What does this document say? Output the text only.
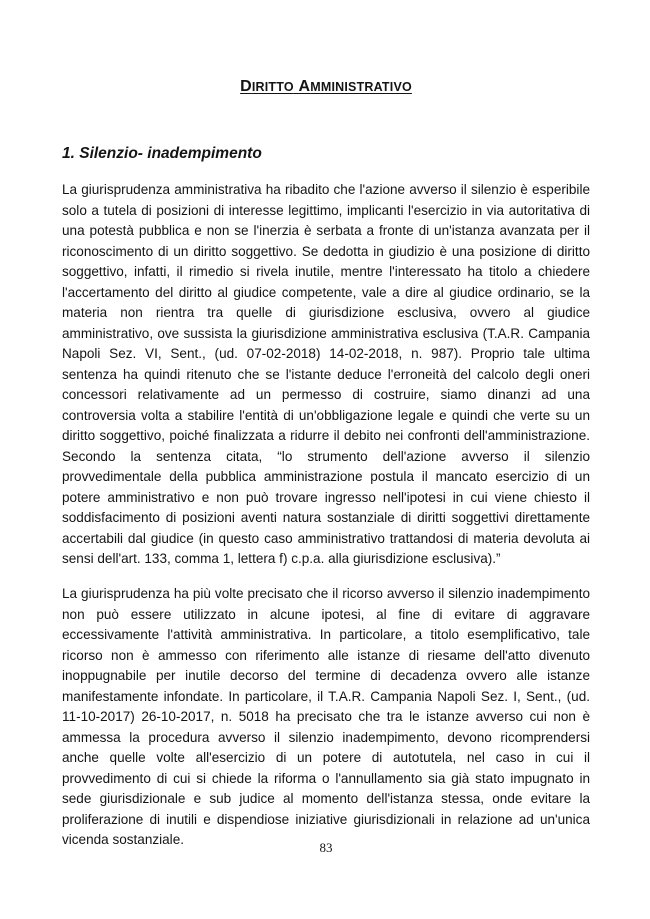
DIRITTO AMMINISTRATIVO
1. Silenzio- inadempimento

La giurisprudenza amministrativa ha ribadito che l'azione avverso il silenzio è esperibile solo a tutela di posizioni di interesse legittimo, implicanti l'esercizio in via autoritativa di una potestà pubblica e non se l'inerzia è serbata a fronte di un'istanza avanzata per il riconoscimento di un diritto soggettivo. Se dedotta in giudizio è una posizione di diritto soggettivo, infatti, il rimedio si rivela inutile, mentre l'interessato ha titolo a chiedere l'accertamento del diritto al giudice competente, vale a dire al giudice ordinario, se la materia non rientra tra quelle di giurisdizione esclusiva, ovvero al giudice amministrativo, ove sussista la giurisdizione amministrativa esclusiva (T.A.R. Campania Napoli Sez. VI, Sent., (ud. 07-02-2018) 14-02-2018, n. 987). Proprio tale ultima sentenza ha quindi ritenuto che se l'istante deduce l'erroneità del calcolo degli oneri concessori relativamente ad un permesso di costruire, siamo dinanzi ad una controversia volta a stabilire l'entità di un'obbligazione legale e quindi che verte su un diritto soggettivo, poiché finalizzata a ridurre il debito nei confronti dell'amministrazione. Secondo la sentenza citata, “lo strumento dell'azione avverso il silenzio provvedimentale della pubblica amministrazione postula il mancato esercizio di un potere amministrativo e non può trovare ingresso nell'ipotesi in cui viene chiesto il soddisfacimento di posizioni aventi natura sostanziale di diritti soggettivi direttamente accertabili dal giudice (in questo caso amministrativo trattandosi di materia devoluta ai sensi dell'art. 133, comma 1, lettera f) c.p.a. alla giurisdizione esclusiva).”

La giurisprudenza ha più volte precisato che il ricorso avverso il silenzio inadempimento non può essere utilizzato in alcune ipotesi, al fine di evitare di aggravare eccessivamente l'attività amministrativa. In particolare, a titolo esemplificativo, tale ricorso non è ammesso con riferimento alle istanze di riesame dell'atto divenuto inoppugnabile per inutile decorso del termine di decadenza ovvero alle istanze manifestamente infondate. In particolare, il T.A.R. Campania Napoli Sez. I, Sent., (ud. 11-10-2017) 26-10-2017, n. 5018 ha precisato che tra le istanze avverso cui non è ammessa la procedura avverso il silenzio inadempimento, devono ricomprendersi anche quelle volte all'esercizio di un potere di autotutela, nel caso in cui il provvedimento di cui si chiede la riforma o l'annullamento sia già stato impugnato in sede giurisdizionale e sub judice al momento dell'istanza stessa, onde evitare la proliferazione di inutili e dispendiose iniziative giurisdizionali in relazione ad un'unica vicenda sostanziale.

83
